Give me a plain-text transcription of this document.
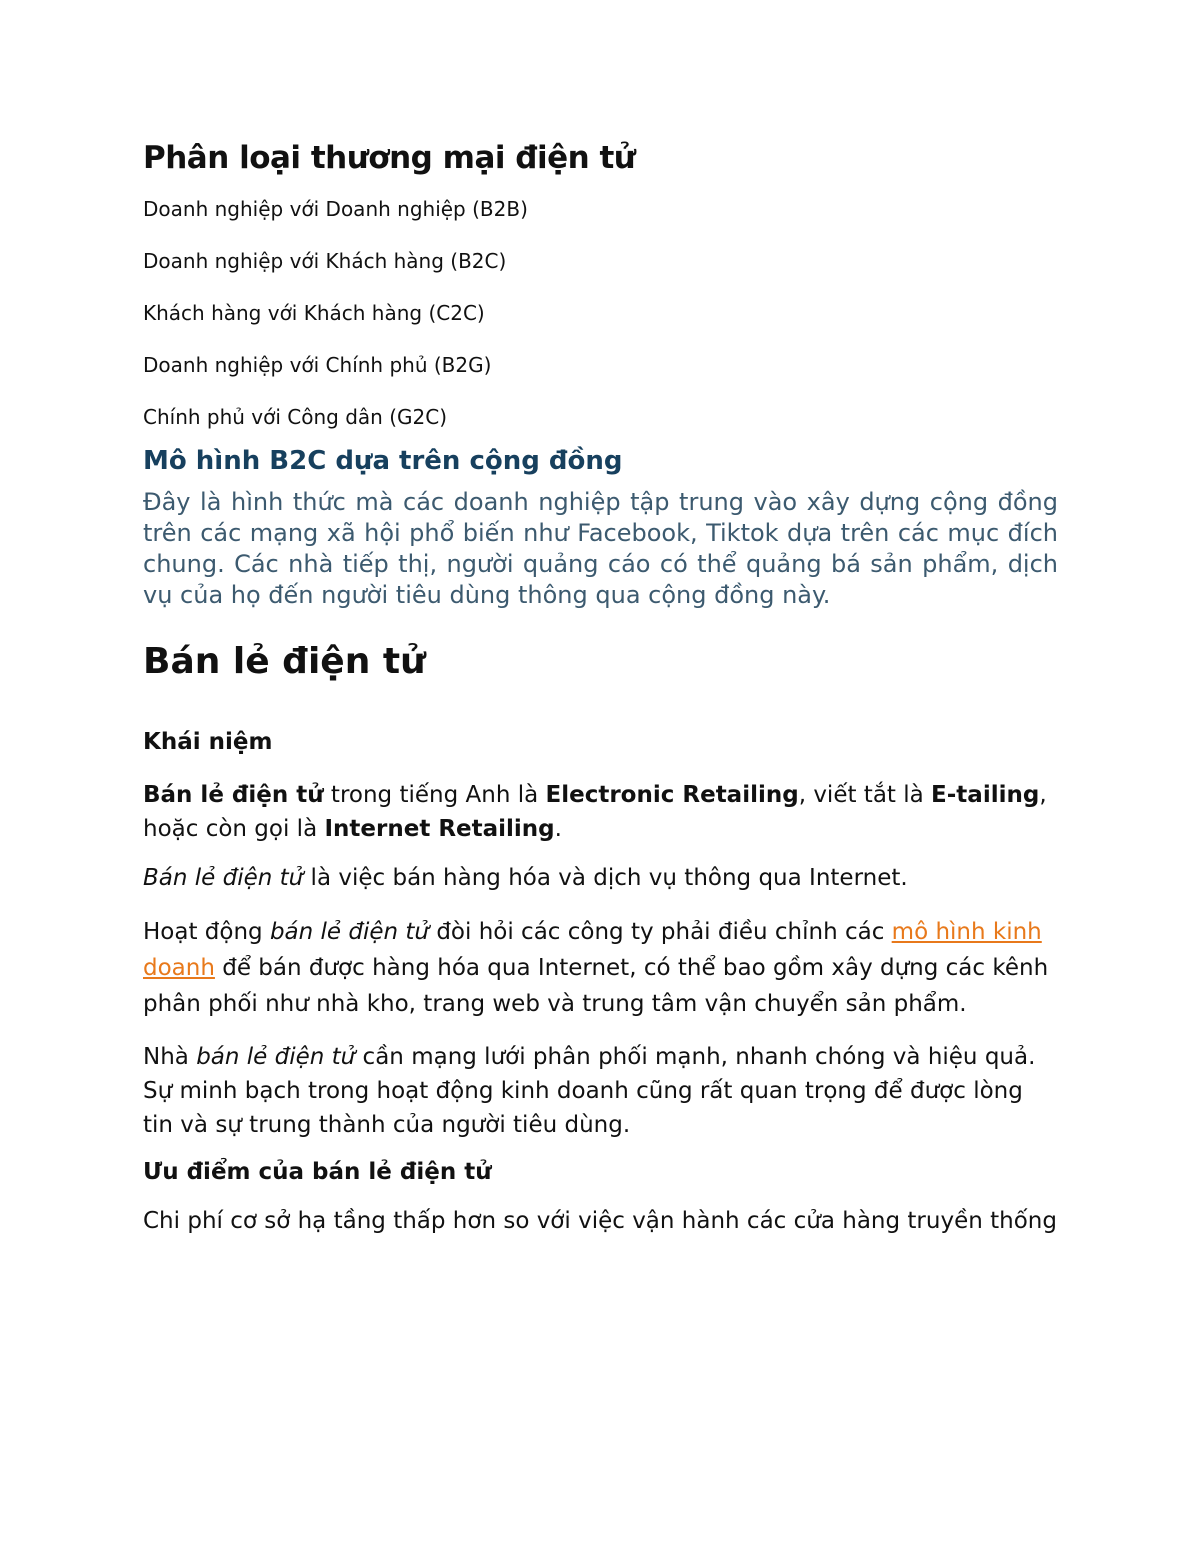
Phân loại thương mại điện tử
Doanh nghiệp với Doanh nghiệp (B2B)
Doanh nghiệp với Khách hàng (B2C)
Khách hàng với Khách hàng (C2C)
Doanh nghiệp với Chính phủ (B2G)
Chính phủ với Công dân (G2C)
Mô hình B2C dựa trên cộng đồng
Đây là hình thức mà các doanh nghiệp tập trung vào xây dựng cộng đồng trên các mạng xã hội phổ biến như Facebook, Tiktok dựa trên các mục đích chung. Các nhà tiếp thị, người quảng cáo có thể quảng bá sản phẩm, dịch vụ của họ đến người tiêu dùng thông qua cộng đồng này.
Bán lẻ điện tử
Khái niệm

Bán lẻ điện tử trong tiếng Anh là Electronic Retailing, viết tắt là E-tailing, hoặc còn gọi là Internet Retailing.

Bán lẻ điện tử là việc bán hàng hóa và dịch vụ thông qua Internet.

Hoạt động bán lẻ điện tử đòi hỏi các công ty phải điều chỉnh các mô hình kinh doanh để bán được hàng hóa qua Internet, có thể bao gồm xây dựng các kênh phân phối như nhà kho, trang web và trung tâm vận chuyển sản phẩm.

Nhà bán lẻ điện tử cần mạng lưới phân phối mạnh, nhanh chóng và hiệu quả. Sự minh bạch trong hoạt động kinh doanh cũng rất quan trọng để được lòng tin và sự trung thành của người tiêu dùng.

Ưu điểm của bán lẻ điện tử

Chi phí cơ sở hạ tầng thấp hơn so với việc vận hành các cửa hàng truyền thống
